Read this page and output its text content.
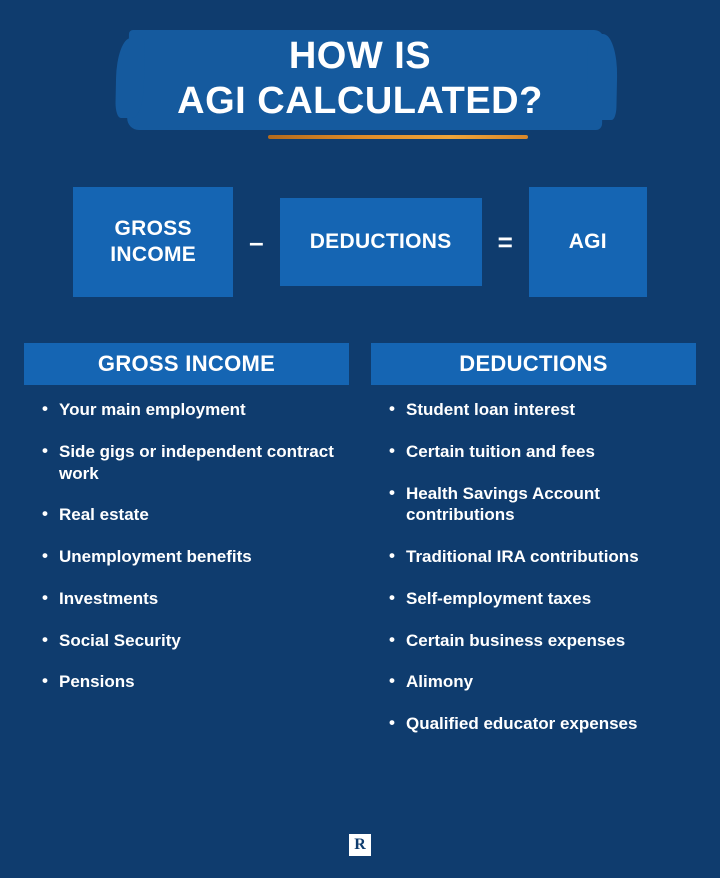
HOW IS
AGI CALCULATED?
GROSS INCOME	–	DEDUCTIONS	=	AGI
GROSS INCOME
• Your main employment
• Side gigs or independent contract work
• Real estate
• Unemployment benefits
• Investments
• Social Security
• Pensions
DEDUCTIONS
• Student loan interest
• Certain tuition and fees
• Health Savings Account contributions
• Traditional IRA contributions
• Self-employment taxes
• Certain business expenses
• Alimony
• Qualified educator expenses
R
